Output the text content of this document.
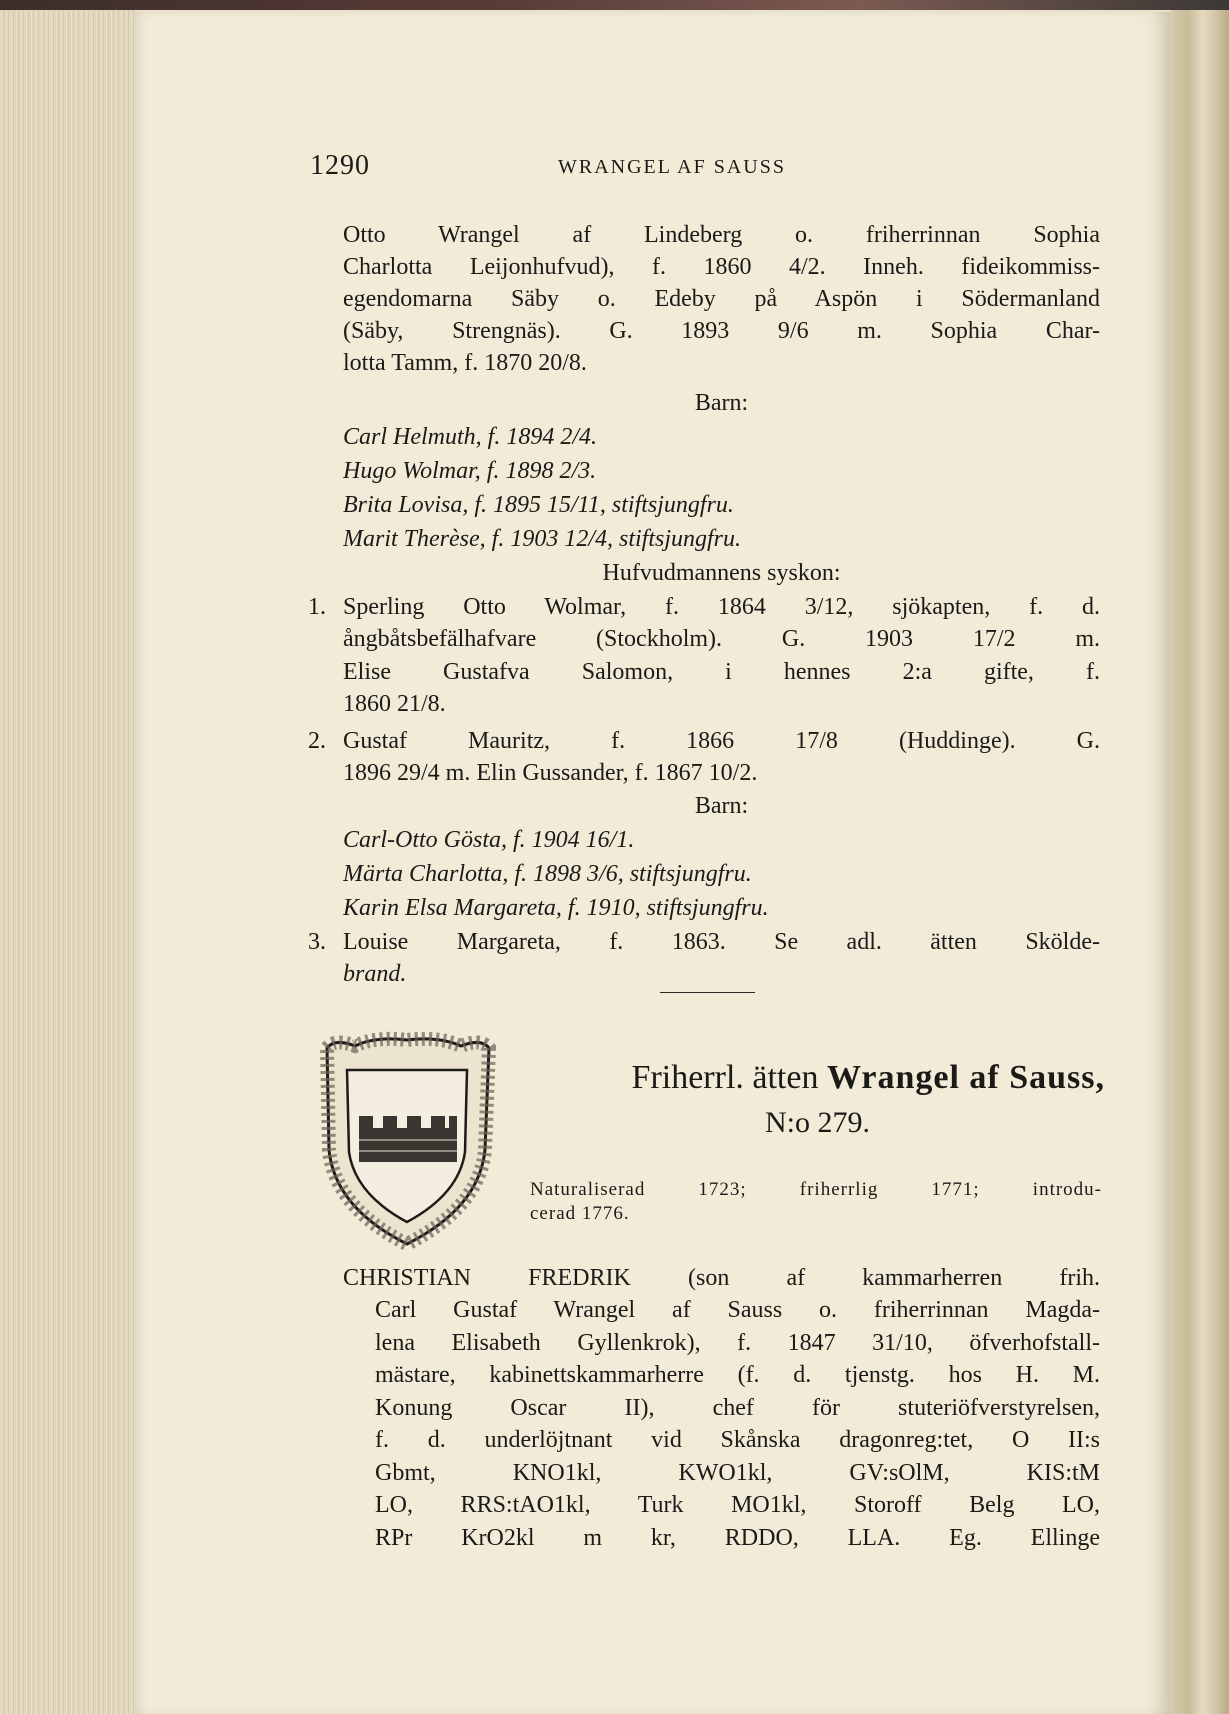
1290	WRANGEL AF SAUSS
Otto Wrangel af Lindeberg o. friherrinnan Sophia
Charlotta Leijonhufvud), f. 1860 4/2. Inneh. fideikommiss-
egendomarna Säby o. Edeby på Aspön i Södermanland
(Säby, Strengnäs). G. 1893 9/6 m. Sophia Char-
lotta Tamm, f. 1870 20/8.
Barn:
Carl Helmuth, f. 1894 2/4.
Hugo Wolmar, f. 1898 2/3.
Brita Lovisa, f. 1895 15/11, stiftsjungfru.
Marit Therèse, f. 1903 12/4, stiftsjungfru.
Hufvudmannens syskon:
1. Sperling Otto Wolmar, f. 1864 3/12, sjökapten, f. d.
ångbåtsbefälhafvare (Stockholm). G. 1903 17/2 m.
Elise Gustafva Salomon, i hennes 2:a gifte, f.
1860 21/8.
2. Gustaf Mauritz, f. 1866 17/8 (Huddinge). G.
1896 29/4 m. Elin Gussander, f. 1867 10/2.
Barn:
Carl-Otto Gösta, f. 1904 16/1.
Märta Charlotta, f. 1898 3/6, stiftsjungfru.
Karin Elsa Margareta, f. 1910, stiftsjungfru.
3. Louise Margareta, f. 1863. Se adl. ätten Skölde-
brand.
Friherrl. ätten Wrangel af Sauss,
N:o 279.
Naturaliserad 1723; friherrlig 1771; introdu-
cerad 1776.
CHRISTIAN FREDRIK (son af kammarherren frih.
Carl Gustaf Wrangel af Sauss o. friherrinnan Magda-
lena Elisabeth Gyllenkrok), f. 1847 31/10, öfverhofstall-
mästare, kabinettskammarherre (f. d. tjenstg. hos H. M.
Konung Oscar II), chef för stuteriöfverstyrelsen,
f. d. underlöjtnant vid Skånska dragonreg:tet, O II:s
Gbmt, KNO1kl, KWO1kl, GV:sOlM, KIS:tM
LO, RRS:tAO1kl, Turk MO1kl, Storoff Belg LO,
RPr KrO2kl m kr, RDDO, LLA. Eg. Ellinge
